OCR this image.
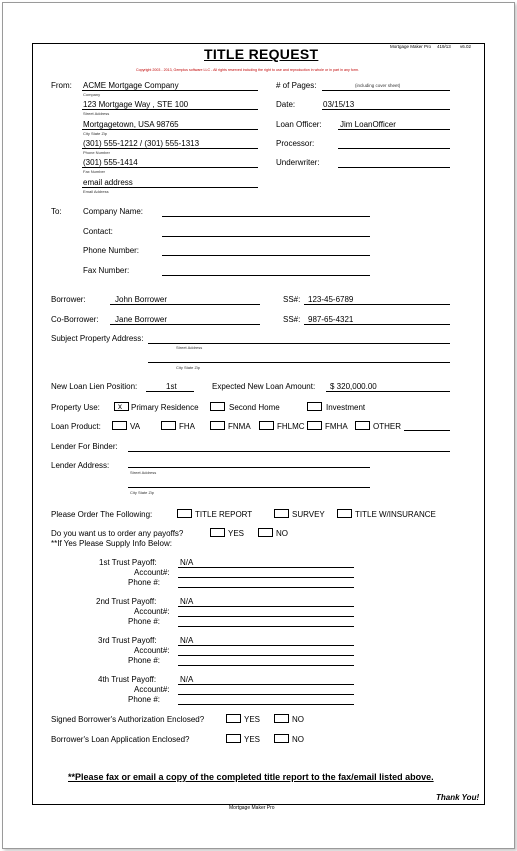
TITLE REQUEST	Mortgage Maker Pro 419/13 v6.02
Copyright 2003 - 2013, Gemplus software LLC - All rights reserved including the right to use and reproduction in whole or in part in any form.
From: ACME Mortgage Company
Company
123 Mortgage Way , STE 100
Street Address
Mortgagetown, USA 98765
City State Zip
(301) 555-1212 / (301) 555-1313
Phone Number
(301) 555-1414
Fax Number
email address
Email Address
# of Pages:	(including cover sheet)
Date:	03/15/13
Loan Officer: Jim LoanOfficer
Processor:
Underwriter:
To:	Company Name:
Contact:
Phone Number:
Fax Number:
Borrower:	John Borrower	SS#: 123-45-6789
Co-Borrower: Jane Borrower	SS#: 987-65-4321
Subject Property Address:
Street Address
City State Zip
New Loan Lien Position:	1st	Expected New Loan Amount: $ 320,000.00
Property Use: x Primary Residence	Second Home	Investment
Loan Product:	VA	FHA	FNMA	FHLMC	FMHA	OTHER
Lender For Binder:
Lender Address:
Street Address
City State Zip
Please Order The Following:	TITLE REPORT	SURVEY	TITLE W/INSURANCE
Do you want us to order any payoffs?	YES	NO
**If Yes Please Supply Info Below:
1st Trust Payoff:	N/A
Account#:
Phone #:
2nd Trust Payoff:	N/A
Account#:
Phone #:
3rd Trust Payoff:	N/A
Account#:
Phone #:
4th Trust Payoff:	N/A
Account#:
Phone #:
Signed Borrower's Authorization Enclosed?	YES	NO
Borrower's Loan Application Enclosed?	YES	NO
**Please fax or email a copy of the completed title report to the fax/email listed above.
Thank You!
Mortgage Maker Pro
